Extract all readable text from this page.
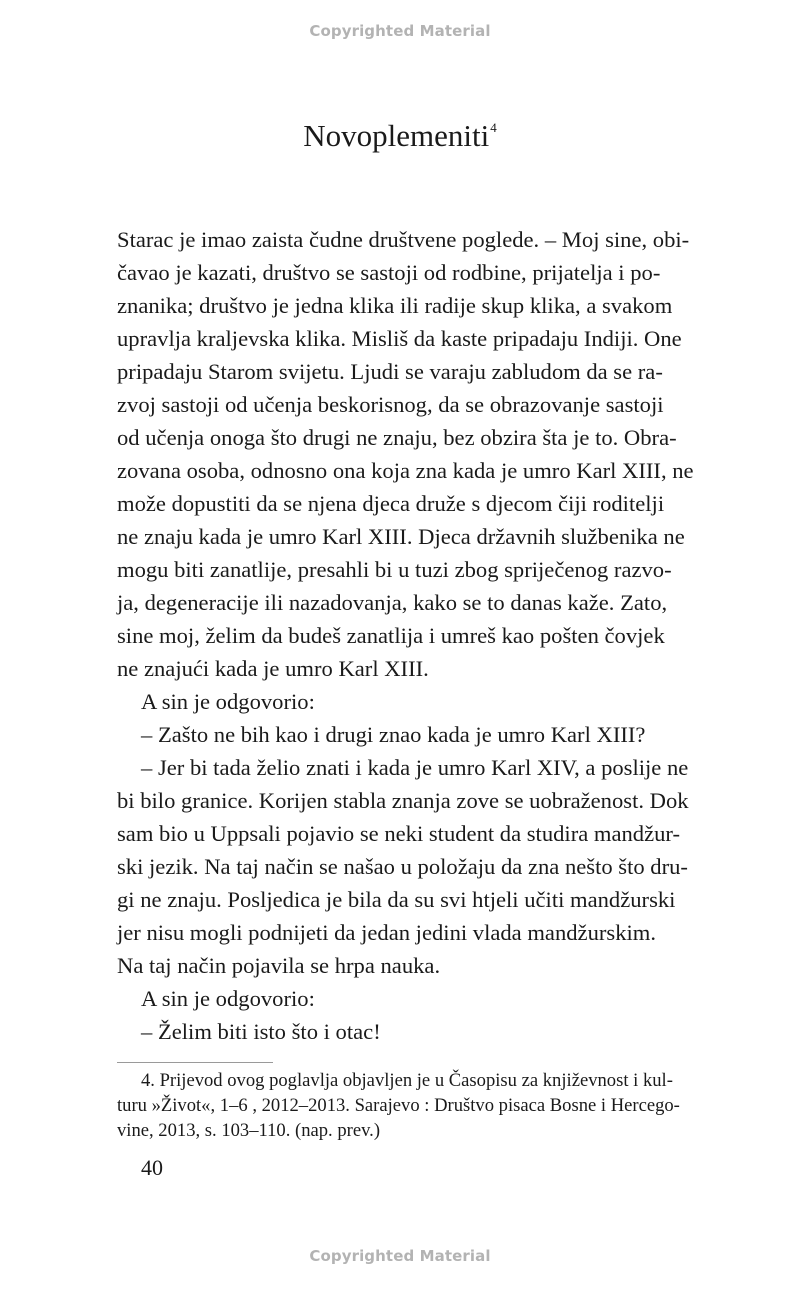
Copyrighted Material
Novoplemeniti$^4$

Starac je imao zaista čudne društvene poglede. – Moj sine, obi-
čavao je kazati, društvo se sastoji od rodbine, prijatelja i po-
znanika; društvo je jedna klika ili radije skup klika, a svakom
upravlja kraljevska klika. Misliš da kaste pripadaju Indiji. One
pripadaju Starom svijetu. Ljudi se varaju zabludom da se ra-
zvoj sastoji od učenja beskorisnog, da se obrazovanje sastoji
od učenja onoga što drugi ne znaju, bez obzira šta je to. Obra-
zovana osoba, odnosno ona koja zna kada je umro Karl XIII, ne
može dopustiti da se njena djeca druže s djecom čiji roditelji
ne znaju kada je umro Karl XIII. Djeca državnih službenika ne
mogu biti zanatlije, presahli bi u tuzi zbog spriječenog razvo-
ja, degeneracije ili nazadovanja, kako se to danas kaže. Zato,
sine moj, želim da budeš zanatlija i umreš kao pošten čovjek
ne znajući kada je umro Karl XIII.

A sin je odgovorio:

– Zašto ne bih kao i drugi znao kada je umro Karl XIII?

– Jer bi tada želio znati i kada je umro Karl XIV, a poslije ne
bi bilo granice. Korijen stabla znanja zove se uobraženost. Dok
sam bio u Uppsali pojavio se neki student da studira mandžur-
ski jezik. Na taj način se našao u položaju da zna nešto što dru-
gi ne znaju. Posljedica je bila da su svi htjeli učiti mandžurski
jer nisu mogli podnijeti da jedan jedini vlada mandžurskim.
Na taj način pojavila se hrpa nauka.

A sin je odgovorio:

– Želim biti isto što i otac!

4. Prijevod ovog poglavlja objavljen je u Časopisu za književnost i kul-
turu »Život«, 1–6 , 2012–2013. Sarajevo : Društvo pisaca Bosne i Hercego-
vine, 2013, s. 103–110. (nap. prev.)

40
Copyrighted Material
